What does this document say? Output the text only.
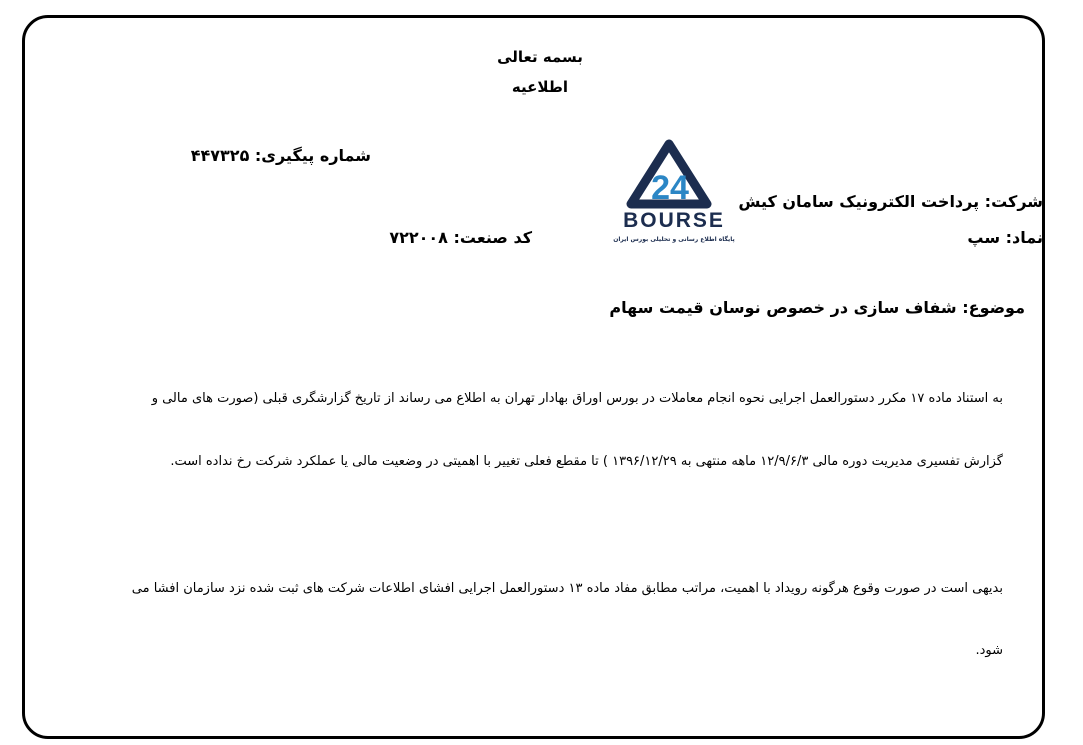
بسمه تعالی
اطلاعیه
شماره پیگیری: ۴۴۷۳۲۵
24
BOURSE
پایگاه اطلاع رسانی و تحلیلی بورس ایران
شرکت: پرداخت الکترونیک سامان کیش
نماد: سپ
کد صنعت: ۷۲۲۰۰۸
موضوع: شفاف سازی در خصوص نوسان قیمت سهام
به استناد ماده ۱۷ مکرر دستورالعمل اجرایی نحوه انجام معاملات در بورس اوراق بهادار تهران به اطلاع می رساند از تاریخ گزارشگری قبلی (صورت های مالی و
گزارش تفسیری مدیریت دوره مالی ۱۲/۹/۶/۳ ماهه منتهی به ۱۳۹۶/۱۲/۲۹ ) تا مقطع فعلی تغییر با اهمیتی در وضعیت مالی یا عملکرد شرکت رخ نداده است.
بدیهی است در صورت وقوع هرگونه رویداد با اهمیت، مراتب مطابق مفاد ماده ۱۳ دستورالعمل اجرایی افشای اطلاعات شرکت های ثبت شده نزد سازمان افشا می
شود.
